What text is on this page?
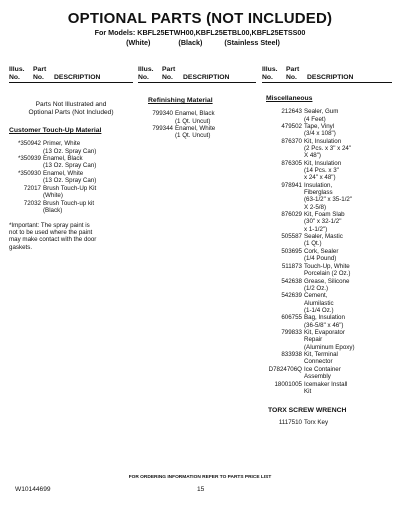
OPTIONAL PARTS (NOT INCLUDED)
For Models: KBFL25ETWH00,KBFL25ETBL00,KBFL25ETSS00
(White)	(Black)	(Stainless Steel)
Illus.
No.
Part
No.
	DESCRIPTION
Parts Not Illustrated and
Optional Parts (Not Included)
Customer Touch-Up Material
*350942 Primer, White
(13 Oz. Spray Can)
*350939 Enamel, Black
(13 Oz. Spray Can)
*350930 Enamel, White
(13 Oz. Spray Can)
72017 Brush Touch-Up Kit
(White)
72032 Brush Touch-up kit
(Black)
*Important: The spray paint is
not to be used where the paint
may make contact with the door
gaskets.
Illus.
No.
Part
No.
	DESCRIPTION
Refinishing Material
799340 Enamel, Black
(1 Qt. Uncut)
799344 Enamel, White
(1 Qt. Uncut)
Illus.
No.
Part
No.
	DESCRIPTION
Miscellaneous
212643 Sealer, Gum
(4 Feet)
479502 Tape, Vinyl
(3/4 x 108")
876370 Kit, Insulation
(2 Pcs. x 3" x 24"
X 48")
876305 Kit, Insulation
(14 Pcs. x 3"
x 24" x 48")
978941 Insulation,
Fiberglass
(63-1/2" x 35-1/2"
X 2-5/8)
876029 Kit, Foam Slab
(30" x 32-1/2"
x 1-1/2")
505587 Sealer, Mastic
(1 Qt.)
503695 Cork, Sealer
(1/4 Pound)
511873 Touch-Up, White
Porcelain (2 Oz.)
542638 Grease, Silicone
(1/2 Oz.)
542639 Cement,
Alumilastic
(1-1/4 Oz.)
606755 Bag, Insulation
(36-5/8" x 46")
799833 Kit, Evaporator
Repair
(Aluminum Epoxy)
833938 Kit, Terminal
Connector
D7824706Q Ice Container
Assembly
18001005 Icemaker Install
Kit
TORX SCREW WRENCH
1117510 Torx Key
FOR ORDERING INFORMATION REFER TO PARTS PRICE LIST
W10144699	15
